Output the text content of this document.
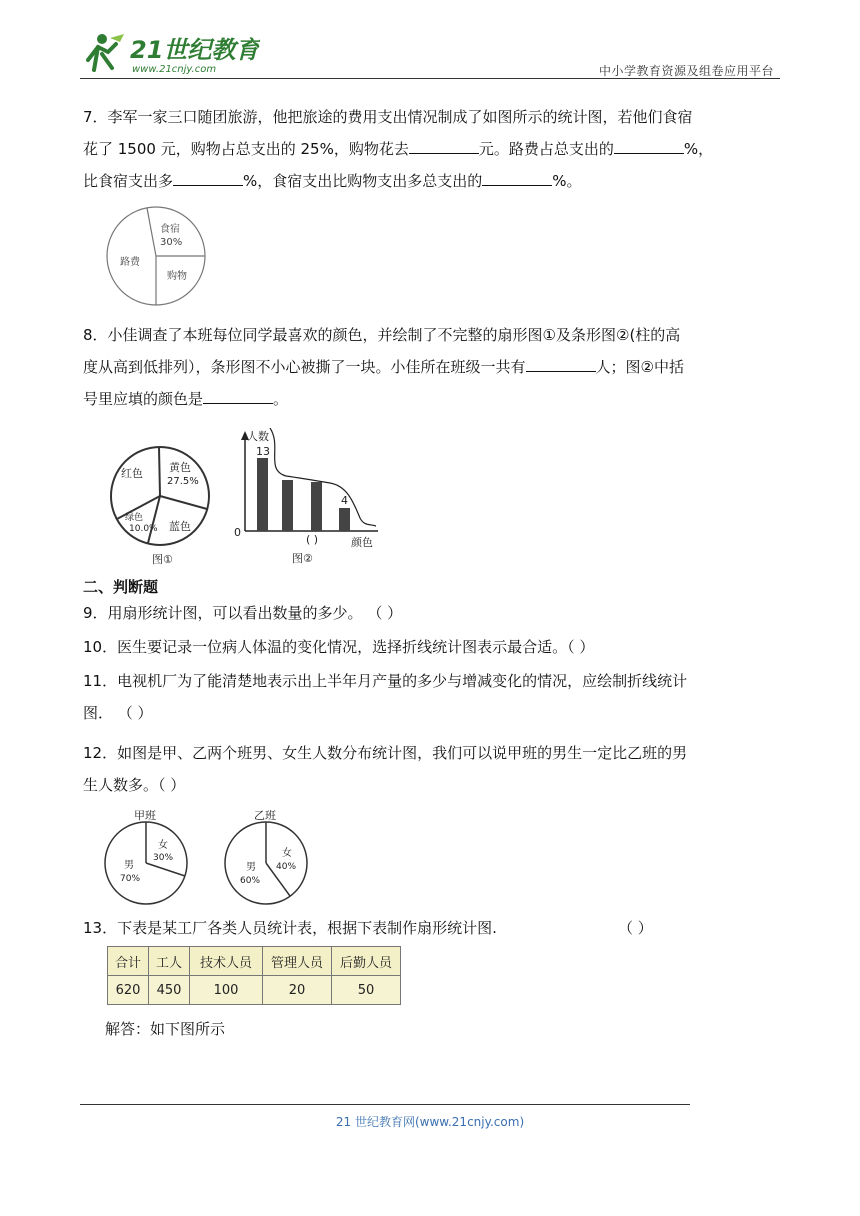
21世纪教育
www.21cnjy.com	中小学教育资源及组卷应用平台
7．李军一家三口随团旅游，他把旅途的费用支出情况制成了如图所示的统计图，若他们食宿
花了 1500 元，购物占总支出的 25%，购物花去	元。路费占总支出的	%，
比食宿支出多	%，食宿支出比购物支出多总支出的	%。
食宿
30%
路费
购物
8．小佳调查了本班每位同学最喜欢的颜色，并绘制了不完整的扇形图①及条形图②(柱的高
度从高到低排列），条形图不小心被撕了一块。小佳所在班级一共有	人；图②中括
号里应填的颜色是	。
红色 黄色
27.5%
绿色
10.0% 蓝色
图①
人数
0
颜色
13
4
( )
图②
二、判断题
9．用扇形统计图，可以看出数量的多少。 （ ）
10．医生要记录一位病人体温的变化情况，选择折线统计图表示最合适。（ ）
11．电视机厂为了能清楚地表示出上半年月产量的多少与增减变化的情况，应绘制折线统计
图． （ ）
12．如图是甲、乙两个班男、女生人数分布统计图，我们可以说甲班的男生一定比乙班的男
生人数多。（ ）
甲班
女
30%
男
70%
乙班
女
40%
男
60%
13．下表是某工厂各类人员统计表，根据下表制作扇形统计图.	（ ）
合计	工人	技术人员	管理人员	后勤人员
620	450	100	20	50
解答：如下图所示
21 世纪教育网(www.21cnjy.com)
